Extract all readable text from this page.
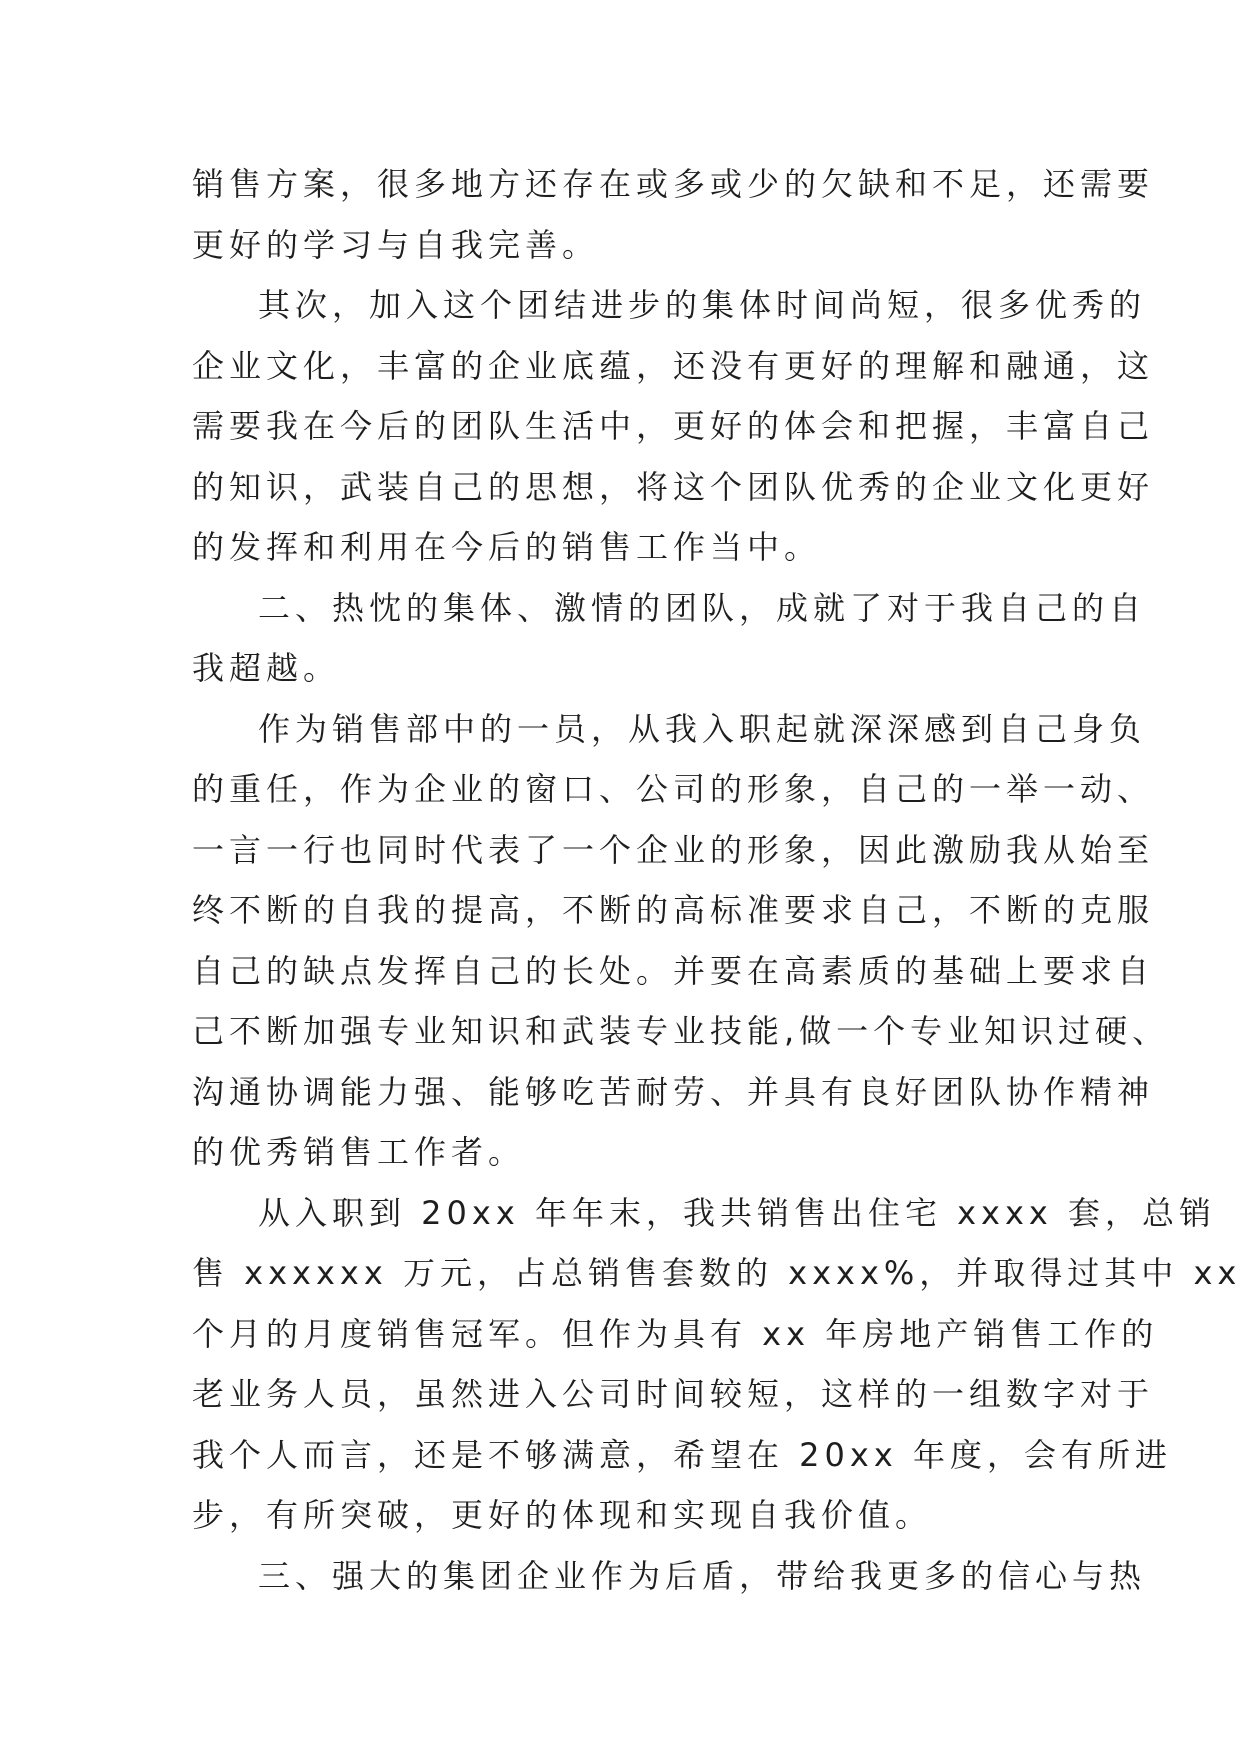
销售方案，很多地方还存在或多或少的欠缺和不足，还需要
更好的学习与自我完善。
其次，加入这个团结进步的集体时间尚短，很多优秀的
企业文化，丰富的企业底蕴，还没有更好的理解和融通，这
需要我在今后的团队生活中，更好的体会和把握，丰富自己
的知识，武装自己的思想，将这个团队优秀的企业文化更好
的发挥和利用在今后的销售工作当中。
二、热忱的集体、激情的团队，成就了对于我自己的自
我超越。
作为销售部中的一员，从我入职起就深深感到自己身负
的重任，作为企业的窗口、公司的形象，自己的一举一动、
一言一行也同时代表了一个企业的形象，因此激励我从始至
终不断的自我的提高，不断的高标准要求自己，不断的克服
自己的缺点发挥自己的长处。并要在高素质的基础上要求自
己不断加强专业知识和武装专业技能,做一个专业知识过硬、
沟通协调能力强、能够吃苦耐劳、并具有良好团队协作精神
的优秀销售工作者。
从入职到 20xx 年年末，我共销售出住宅 xxxx 套，总销
售 xxxxxx 万元，占总销售套数的 xxxx%，并取得过其中 xx
个月的月度销售冠军。但作为具有 xx 年房地产销售工作的
老业务人员，虽然进入公司时间较短，这样的一组数字对于
我个人而言，还是不够满意，希望在 20xx 年度，会有所进
步，有所突破，更好的体现和实现自我价值。
三、强大的集团企业作为后盾，带给我更多的信心与热
